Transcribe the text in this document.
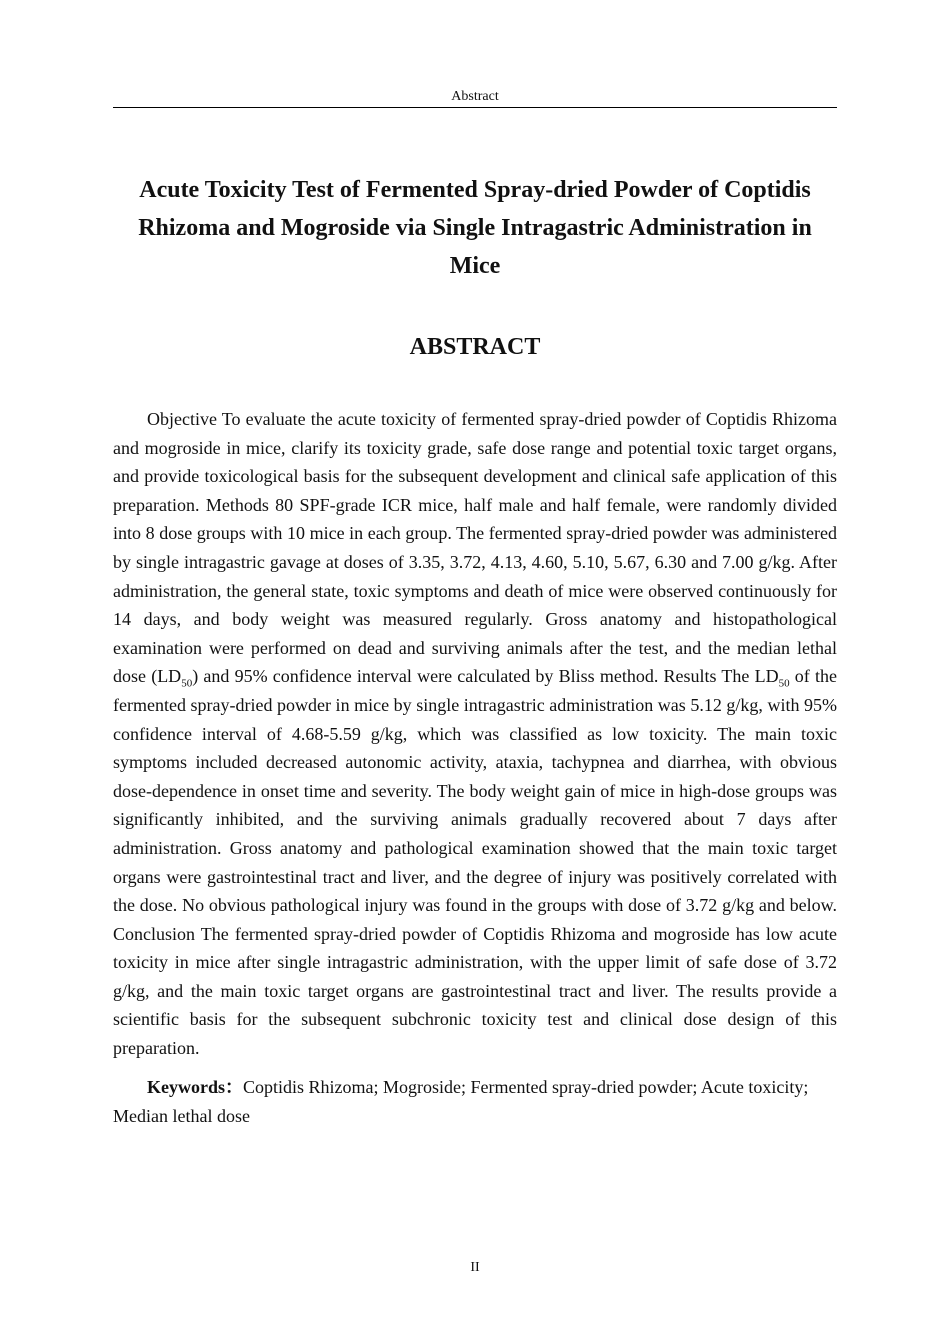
Abstract
Acute Toxicity Test of Fermented Spray-dried Powder of Coptidis Rhizoma and Mogroside via Single Intragastric Administration in Mice
ABSTRACT

Objective To evaluate the acute toxicity of fermented spray-dried powder of Coptidis Rhizoma and mogroside in mice, clarify its toxicity grade, safe dose range and potential toxic target organs, and provide toxicological basis for the subsequent development and clinical safe application of this preparation. Methods 80 SPF-grade ICR mice, half male and half female, were randomly divided into 8 dose groups with 10 mice in each group. The fermented spray-dried powder was administered by single intragastric gavage at doses of 3.35, 3.72, 4.13, 4.60, 5.10, 5.67, 6.30 and 7.00 g/kg. After administration, the general state, toxic symptoms and death of mice were observed continuously for 14 days, and body weight was measured regularly. Gross anatomy and histopathological examination were performed on dead and surviving animals after the test, and the median lethal dose $(LD_{50})$ and 95% confidence interval were calculated by Bliss method. Results The $LD_{50}$ of the fermented spray-dried powder in mice by single intragastric administration was 5.12 g/kg, with 95% confidence interval of 4.68-5.59 g/kg, which was classified as low toxicity. The main toxic symptoms included decreased autonomic activity, ataxia, tachypnea and diarrhea, with obvious dose-dependence in onset time and severity. The body weight gain of mice in high-dose groups was significantly inhibited, and the surviving animals gradually recovered about 7 days after administration. Gross anatomy and pathological examination showed that the main toxic target organs were gastrointestinal tract and liver, and the degree of injury was positively correlated with the dose. No obvious pathological injury was found in the groups with dose of 3.72 g/kg and below. Conclusion The fermented spray-dried powder of Coptidis Rhizoma and mogroside has low acute toxicity in mice after single intragastric administration, with the upper limit of safe dose of 3.72 g/kg, and the main toxic target organs are gastrointestinal tract and liver. The results provide a scientific basis for the subsequent subchronic toxicity test and clinical dose design of this preparation.

Keywords：Coptidis Rhizoma; Mogroside; Fermented spray-dried powder; Acute toxicity; Median lethal dose

II
